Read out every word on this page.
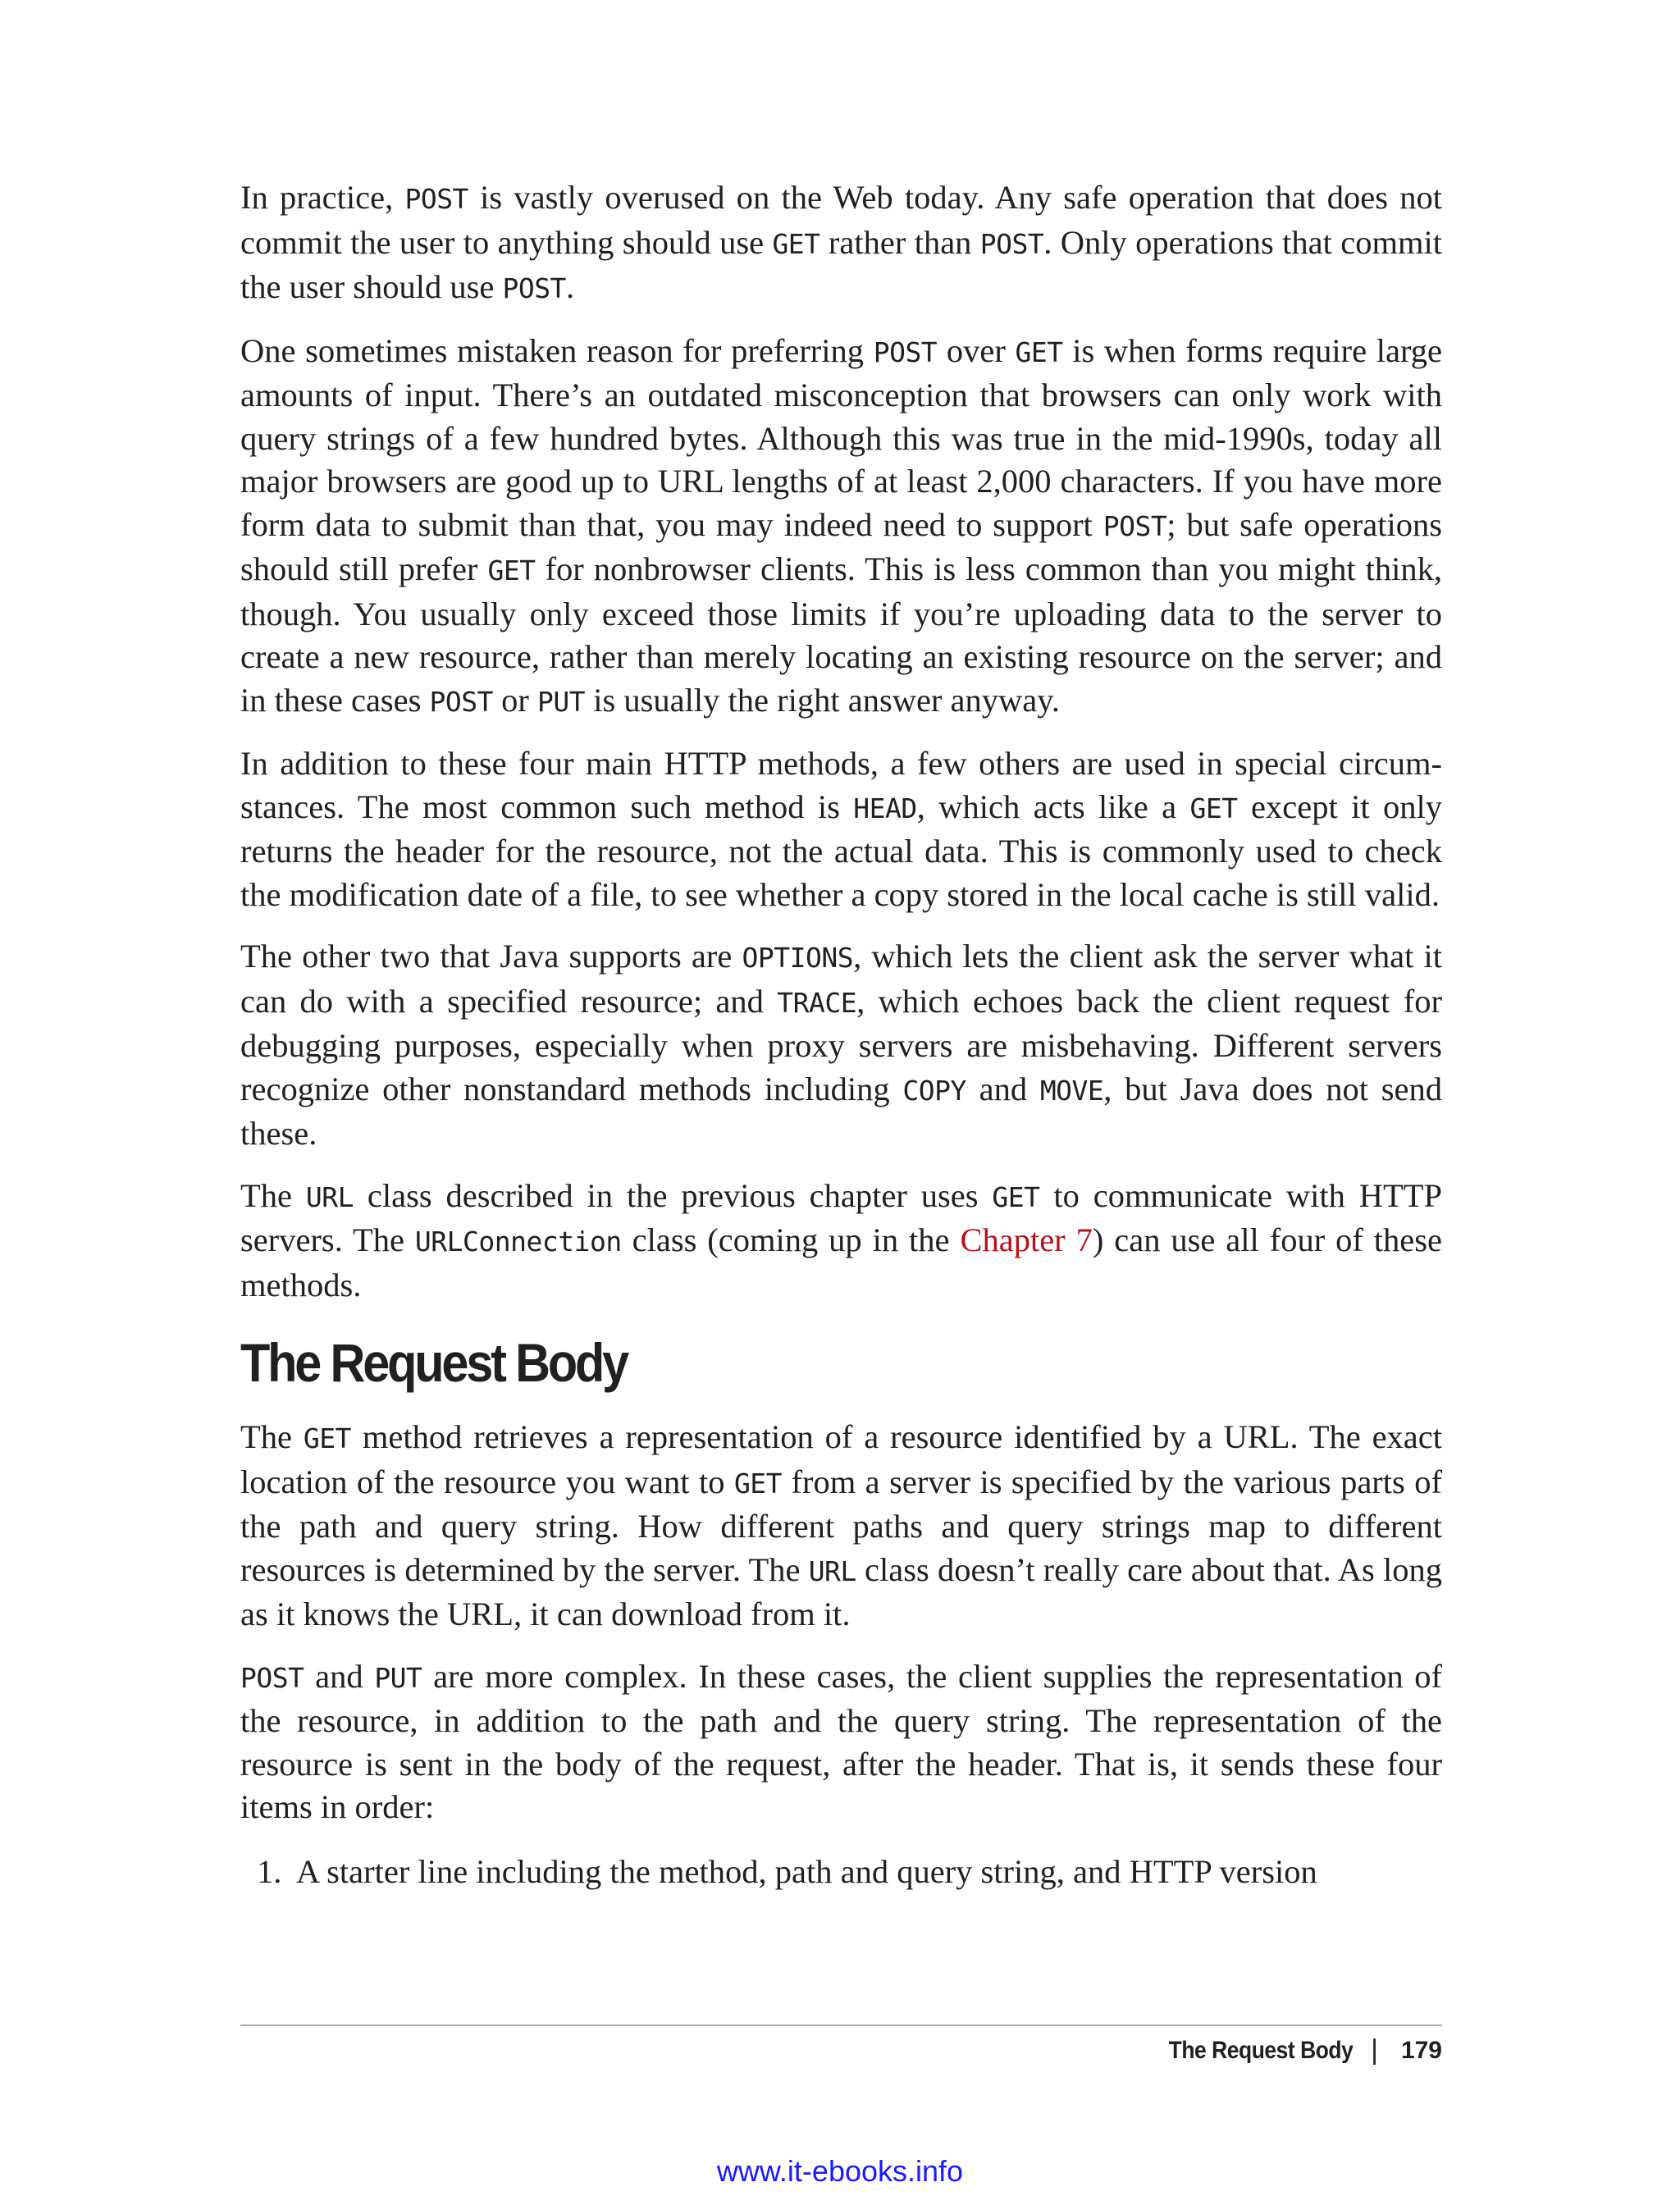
In practice, POST is vastly overused on the Web today. Any safe operation that does not commit the user to anything should use GET rather than POST. Only operations that commit the user should use POST.

One sometimes mistaken reason for preferring POST over GET is when forms require large amounts of input. There’s an outdated misconception that browsers can only work with query strings of a few hundred bytes. Although this was true in the mid-1990s, today all major browsers are good up to URL lengths of at least 2,000 characters. If you have more form data to submit than that, you may indeed need to support POST; but safe operations should still prefer GET for nonbrowser clients. This is less common than you might think, though. You usually only exceed those limits if you’re uploading data to the server to create a new resource, rather than merely locating an existing resource on the server; and in these cases POST or PUT is usually the right answer anyway.

In addition to these four main HTTP methods, a few others are used in special circum‐ stances. The most common such method is HEAD, which acts like a GET except it only returns the header for the resource, not the actual data. This is commonly used to check the modification date of a file, to see whether a copy stored in the local cache is still valid.

The other two that Java supports are OPTIONS, which lets the client ask the server what it can do with a specified resource; and TRACE, which echoes back the client request for debugging purposes, especially when proxy servers are misbehaving. Different servers recognize other nonstandard methods including COPY and MOVE, but Java does not send these.

The URL class described in the previous chapter uses GET to communicate with HTTP servers. The URLConnection class (coming up in the Chapter 7) can use all four of these methods.

The Request Body

The GET method retrieves a representation of a resource identified by a URL. The exact location of the resource you want to GET from a server is specified by the various parts of the path and query string. How different paths and query strings map to different resources is determined by the server. The URL class doesn’t really care about that. As long as it knows the URL, it can download from it.

POST and PUT are more complex. In these cases, the client supplies the representation of the resource, in addition to the path and the query string. The representation of the resource is sent in the body of the request, after the header. That is, it sends these four items in order:

1. A starter line including the method, path and query string, and HTTP version
The Request Body | 179
www.it-ebooks.info
